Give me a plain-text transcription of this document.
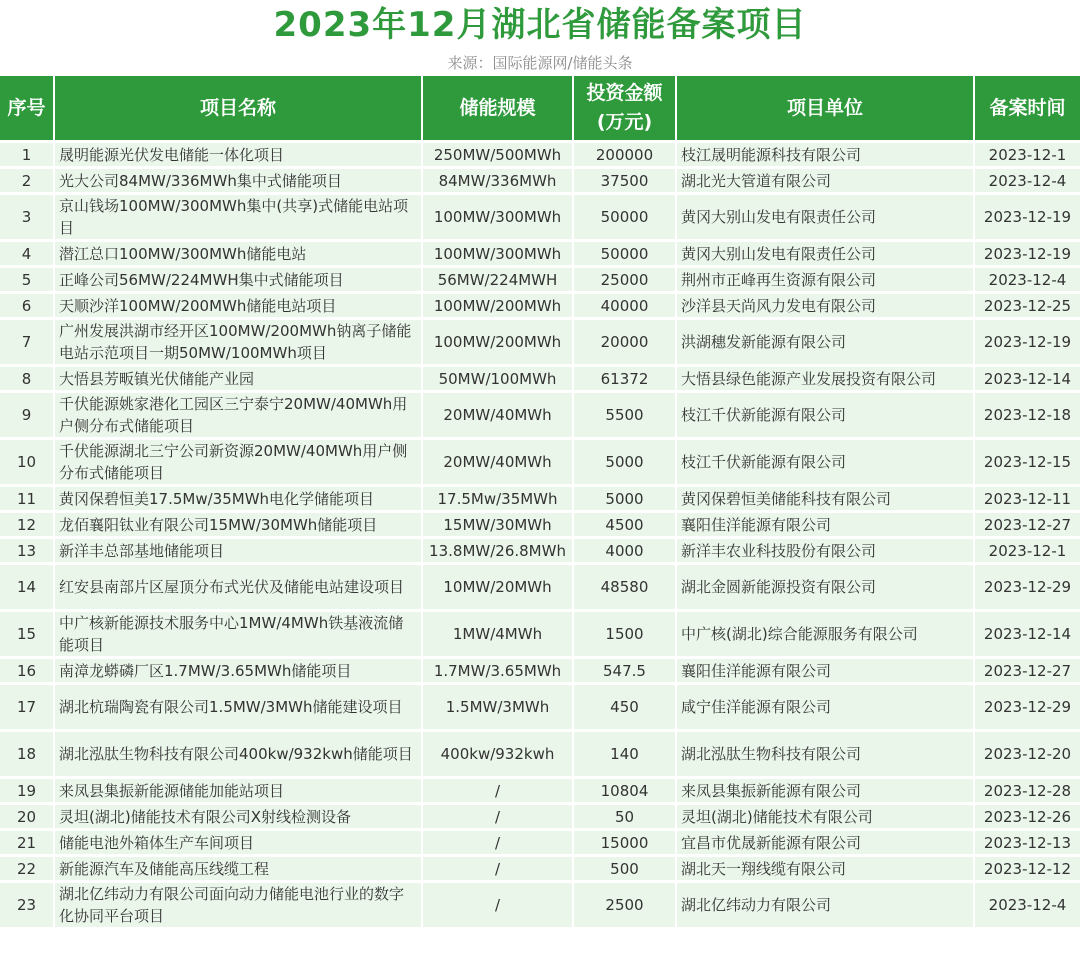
2023年12月湖北省储能备案项目
来源：国际能源网/储能头条
序号	项目名称	储能规模	投资金额(万元)	项目单位	备案时间
1	晟明能源光伏发电储能一体化项目	250MW/500MWh	200000	枝江晟明能源科技有限公司	2023-12-1
2	光大公司84MW/336MWh集中式储能项目	84MW/336MWh	37500	湖北光大管道有限公司	2023-12-4
3	京山钱场100MW/300MWh集中(共享)式储能电站项目	100MW/300MWh	50000	黄冈大别山发电有限责任公司	2023-12-19
4	潜江总口100MW/300MWh储能电站	100MW/300MWh	50000	黄冈大别山发电有限责任公司	2023-12-19
5	正峰公司56MW/224MWH集中式储能项目	56MW/224MWH	25000	荆州市正峰再生资源有限公司	2023-12-4
6	天顺沙洋100MW/200MWh储能电站项目	100MW/200MWh	40000	沙洋县天尚风力发电有限公司	2023-12-25
7	广州发展洪湖市经开区100MW/200MWh钠离子储能电站示范项目一期50MW/100MWh项目	100MW/200MWh	20000	洪湖穗发新能源有限公司	2023-12-19
8	大悟县芳畈镇光伏储能产业园	50MW/100MWh	61372	大悟县绿色能源产业发展投资有限公司	2023-12-14
9	千伏能源姚家港化工园区三宁泰宁20MW/40MWh用户侧分布式储能项目	20MW/40MWh	5500	枝江千伏新能源有限公司	2023-12-18
10	千伏能源湖北三宁公司新资源20MW/40MWh用户侧分布式储能项目	20MW/40MWh	5000	枝江千伏新能源有限公司	2023-12-15
11	黄冈保碧恒美17.5Mw/35MWh电化学储能项目	17.5Mw/35MWh	5000	黄冈保碧恒美储能科技有限公司	2023-12-11
12	龙佰襄阳钛业有限公司15MW/30MWh储能项目	15MW/30MWh	4500	襄阳佳洋能源有限公司	2023-12-27
13	新洋丰总部基地储能项目	13.8MW/26.8MWh	4000	新洋丰农业科技股份有限公司	2023-12-1
14	红安县南部片区屋顶分布式光伏及储能电站建设项目	10MW/20MWh	48580	湖北金圆新能源投资有限公司	2023-12-29
15	中广核新能源技术服务中心1MW/4MWh铁基液流储能项目	1MW/4MWh	1500	中广核(湖北)综合能源服务有限公司	2023-12-14
16	南漳龙蟒磷厂区1.7MW/3.65MWh储能项目	1.7MW/3.65MWh	547.5	襄阳佳洋能源有限公司	2023-12-27
17	湖北杭瑞陶瓷有限公司1.5MW/3MWh储能建设项目	1.5MW/3MWh	450	咸宁佳洋能源有限公司	2023-12-29
18	湖北泓肽生物科技有限公司400kw/932kwh储能项目	400kw/932kwh	140	湖北泓肽生物科技有限公司	2023-12-20
19	来凤县集振新能源储能加能站项目	/	10804	来凤县集振新能源有限公司	2023-12-28
20	灵坦(湖北)储能技术有限公司X射线检测设备	/	50	灵坦(湖北)储能技术有限公司	2023-12-26
21	储能电池外箱体生产车间项目	/	15000	宜昌市优晟新能源有限公司	2023-12-13
22	新能源汽车及储能高压线缆工程	/	500	湖北天一翔线缆有限公司	2023-12-12
23	湖北亿纬动力有限公司面向动力储能电池行业的数字化协同平台项目	/	2500	湖北亿纬动力有限公司	2023-12-4
